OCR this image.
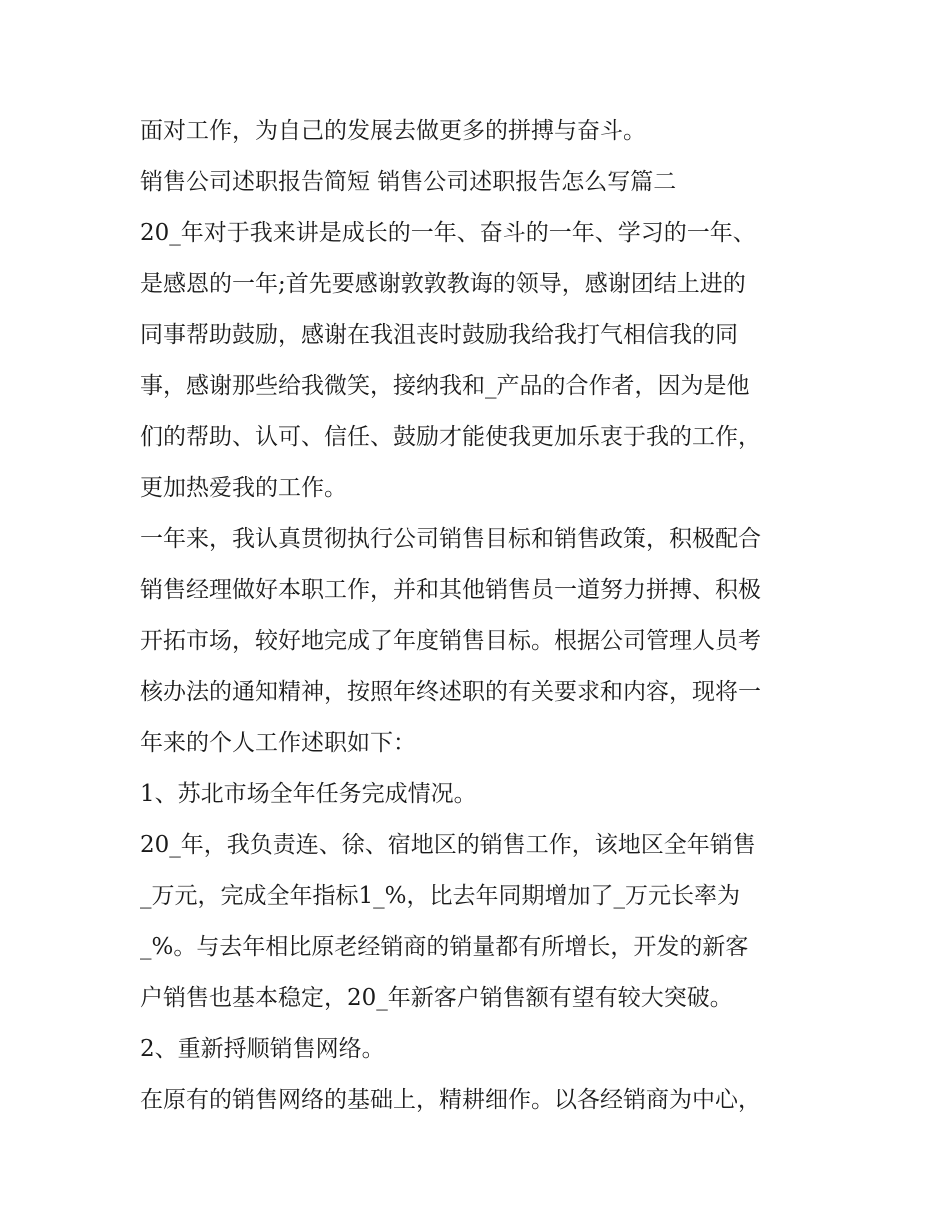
面对工作，为自己的发展去做更多的拼搏与奋斗。
销售公司述职报告简短 销售公司述职报告怎么写篇二
20_年对于我来讲是成长的一年、奋斗的一年、学习的一年、
是感恩的一年;首先要感谢敦敦教诲的领导，感谢团结上进的
同事帮助鼓励，感谢在我沮丧时鼓励我给我打气相信我的同
事，感谢那些给我微笑，接纳我和_产品的合作者，因为是他
们的帮助、认可、信任、鼓励才能使我更加乐衷于我的工作，
更加热爱我的工作。
一年来，我认真贯彻执行公司销售目标和销售政策，积极配合
销售经理做好本职工作，并和其他销售员一道努力拼搏、积极
开拓市场，较好地完成了年度销售目标。根据公司管理人员考
核办法的通知精神，按照年终述职的有关要求和内容，现将一
年来的个人工作述职如下：
1、苏北市场全年任务完成情况。
20_年，我负责连、徐、宿地区的销售工作，该地区全年销售
_万元，完成全年指标1_%，比去年同期增加了_万元长率为
_%。与去年相比原老经销商的销量都有所增长，开发的新客
户销售也基本稳定，20_年新客户销售额有望有较大突破。
2、重新捋顺销售网络。
在原有的销售网络的基础上，精耕细作。以各经销商为中心，
